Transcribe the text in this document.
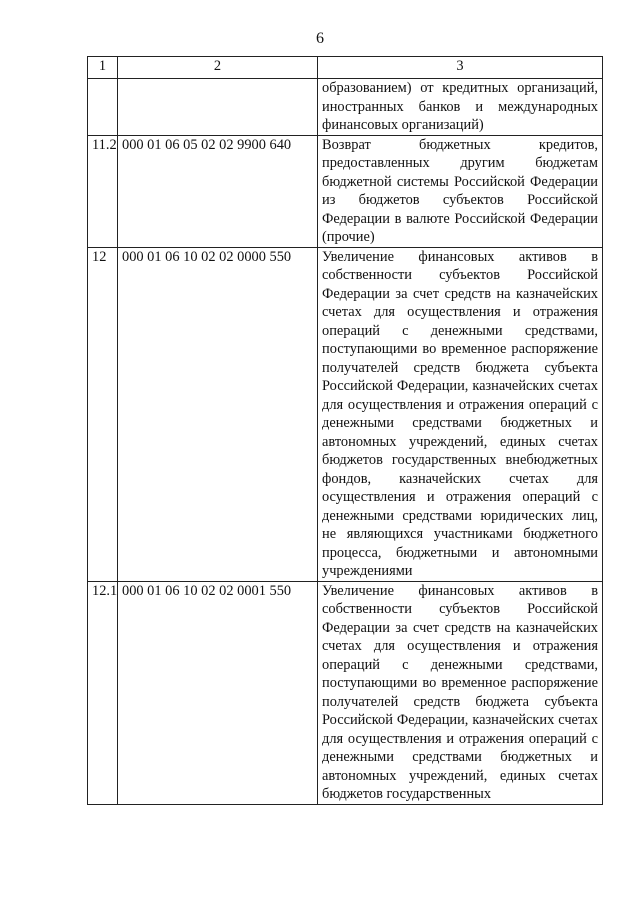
6
1	2	3
		образованием) от кредитных организаций, иностранных банков и международных финансовых организаций)
11.2	000 01 06 05 02 02 9900 640	Возврат бюджетных кредитов, предоставленных другим бюджетам бюджетной системы Российской Федерации из бюджетов субъектов Российской Федерации в валюте Российской Федерации (прочие)
12	000 01 06 10 02 02 0000 550	Увеличение финансовых активов в собственности субъектов Российской Федерации за счет средств на казначейских счетах для осуществления и отражения операций с денежными средствами, поступающими во временное распоряжение получателей средств бюджета субъекта Российской Федерации, казначейских счетах для осуществления и отражения операций с денежными средствами бюджетных и автономных учреждений, единых счетах бюджетов государственных внебюджетных фондов, казначейских счетах для осуществления и отражения операций с денежными средствами юридических лиц, не являющихся участниками бюджетного процесса, бюджетными и автономными учреждениями
12.1	000 01 06 10 02 02 0001 550	Увеличение финансовых активов в собственности субъектов Российской Федерации за счет средств на казначейских счетах для осуществления и отражения операций с денежными средствами, поступающими во временное распоряжение получателей средств бюджета субъекта Российской Федерации, казначейских счетах для осуществления и отражения операций с денежными средствами бюджетных и автономных учреждений, единых счетах бюджетов государственных
